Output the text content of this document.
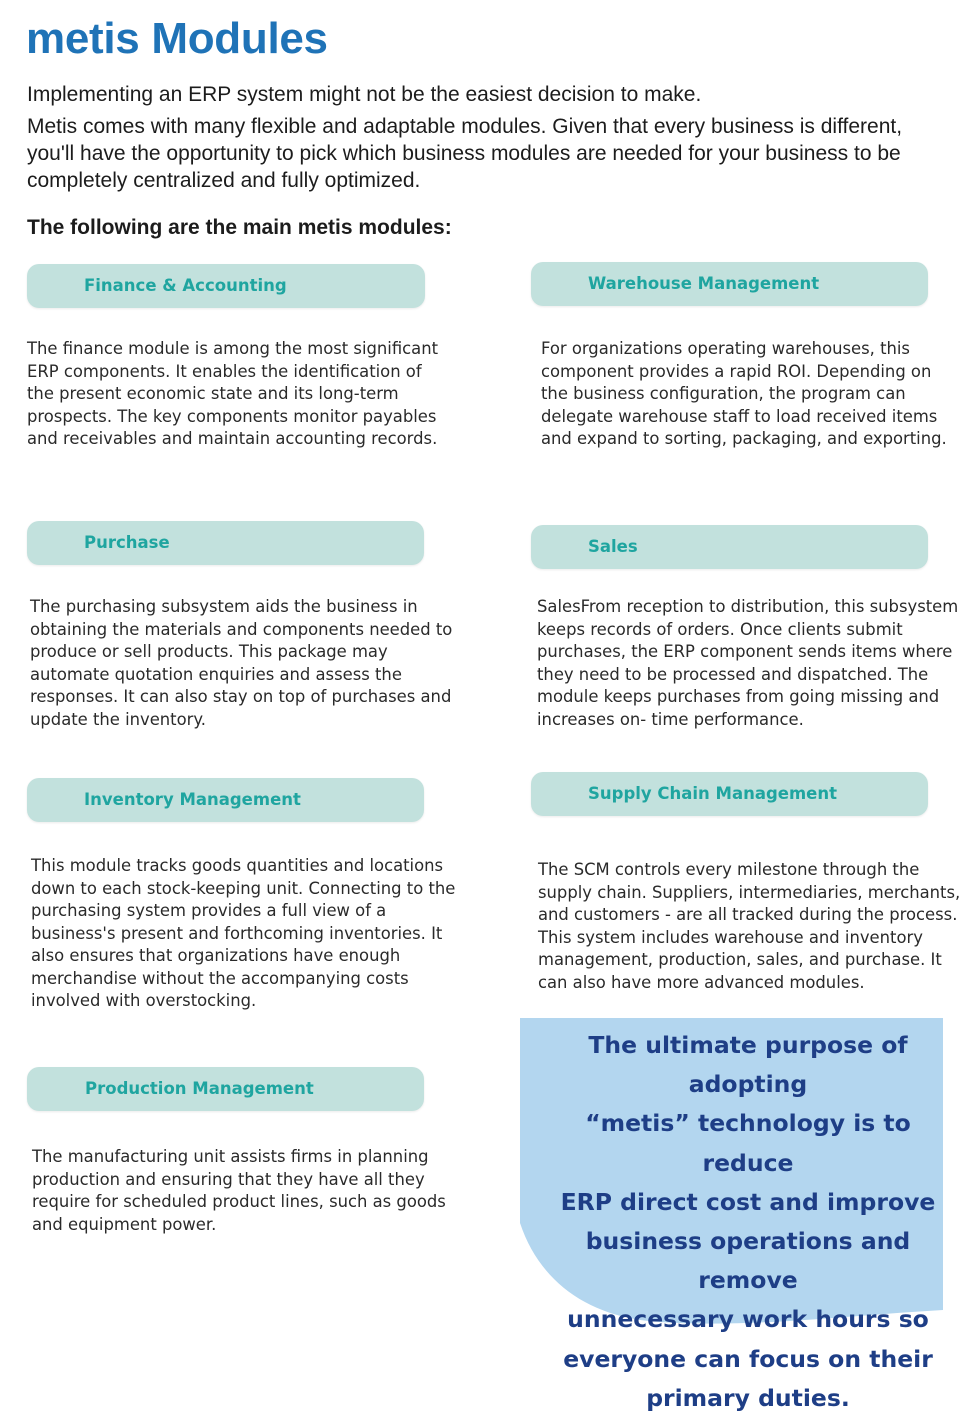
metis Modules

Implementing an ERP system might not be the easiest decision to make.

Metis comes with many flexible and adaptable modules. Given that every business is different,
you'll have the opportunity to pick which business modules are needed for your business to be
completely centralized and fully optimized.

The following are the main metis modules:

Finance & Accounting

The finance module is among the most significant
ERP components. It enables the identification of
the present economic state and its long-term
prospects. The key components monitor payables
and receivables and maintain accounting records.

Warehouse Management

For organizations operating warehouses, this
component provides a rapid ROI. Depending on
the business configuration, the program can
delegate warehouse staff to load received items
and expand to sorting, packaging, and exporting.

Purchase

The purchasing subsystem aids the business in
obtaining the materials and components needed to
produce or sell products. This package may
automate quotation enquiries and assess the
responses. It can also stay on top of purchases and
update the inventory.

Sales

SalesFrom reception to distribution, this subsystem
keeps records of orders. Once clients submit
purchases, the ERP component sends items where
they need to be processed and dispatched. The
module keeps purchases from going missing and
increases on- time performance.

Inventory Management

This module tracks goods quantities and locations
down to each stock-keeping unit. Connecting to the
purchasing system provides a full view of a
business's present and forthcoming inventories. It
also ensures that organizations have enough
merchandise without the accompanying costs
involved with overstocking.

Supply Chain Management

The SCM controls every milestone through the
supply chain. Suppliers, intermediaries, merchants,
and customers - are all tracked during the process.
This system includes warehouse and inventory
management, production, sales, and purchase. It
can also have more advanced modules.

Production Management

The manufacturing unit assists firms in planning
production and ensuring that they have all they
require for scheduled product lines, such as goods
and equipment power.

The ultimate purpose of adopting
“metis” technology is to reduce
ERP direct cost and improve
business operations and remove
unnecessary work hours so
everyone can focus on their
primary duties.
